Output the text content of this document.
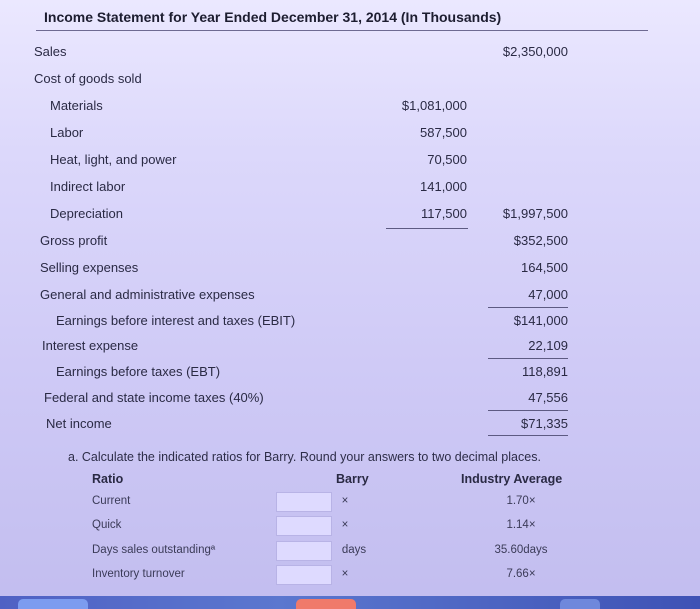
Income Statement for Year Ended December 31, 2014 (In Thousands)
Sales	$2,350,000
Cost of goods sold
Materials	$1,081,000
Labor	587,500
Heat, light, and power	70,500
Indirect labor	141,000
Depreciation	117,500	$1,997,500
Gross profit	$352,500
Selling expenses	164,500
General and administrative expenses	47,000
Earnings before interest and taxes (EBIT)	$141,000
Interest expense	22,109
Earnings before taxes (EBT)	118,891
Federal and state income taxes (40%)	47,556
Net income	$71,335
a. Calculate the indicated ratios for Barry. Round your answers to two decimal places.
Ratio	Barry	Industry Average
Current	×	1.70×
Quick	×	1.14×
Days sales outstandingª	days	35.60days
Inventory turnover	×	7.66×
